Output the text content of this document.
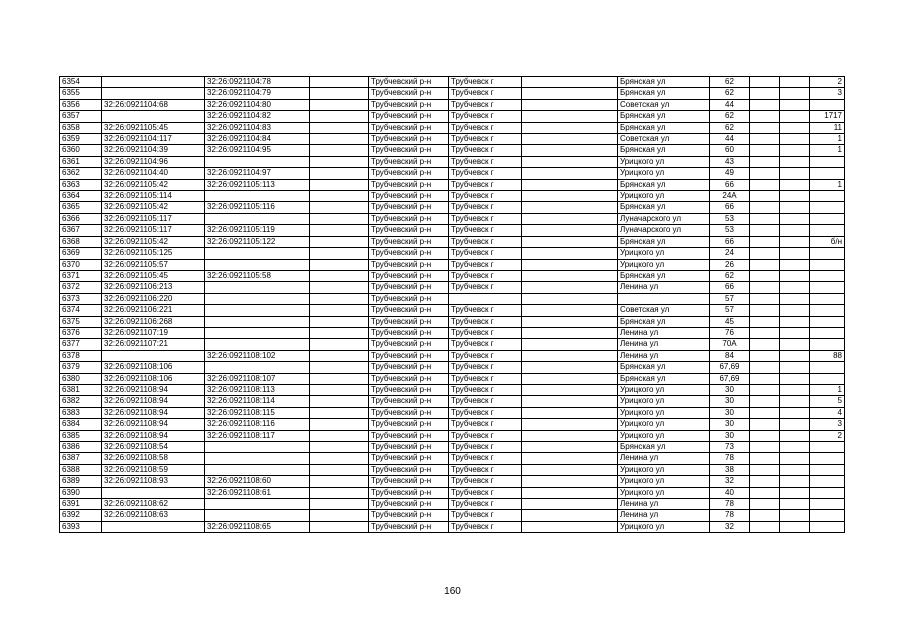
6354		32:26:0921104:78		Трубчевский р-н	Трубчевск г		Брянская ул	62			2
6355		32:26:0921104:79		Трубчевский р-н	Трубчевск г		Брянская ул	62			3
6356	32:26:0921104:68	32:26:0921104:80		Трубчевский р-н	Трубчевск г		Советская ул	44			
6357		32:26:0921104:82		Трубчевский р-н	Трубчевск г		Брянская ул	62			1717
6358	32:26:0921105:45	32:26:0921104:83		Трубчевский р-н	Трубчевск г		Брянская ул	62			11
6359	32:26:0921104:117	32:26:0921104:84		Трубчевский р-н	Трубчевск г		Советская ул	44			1
6360	32:26:0921104:39	32:26:0921104:95		Трубчевский р-н	Трубчевск г		Брянская ул	60			1
6361	32:26:0921104:96			Трубчевский р-н	Трубчевск г		Урицкого ул	43			
6362	32:26:0921104:40	32:26:0921104:97		Трубчевский р-н	Трубчевск г		Урицкого ул	49			
6363	32:26:0921105:42	32:26:0921105:113		Трубчевский р-н	Трубчевск г		Брянская ул	66			1
6364	32:26:0921105:114			Трубчевский р-н	Трубчевск г		Урицкого ул	24А			
6365	32:26:0921105:42	32:26:0921105:116		Трубчевский р-н	Трубчевск г		Брянская ул	66			
6366	32:26:0921105:117			Трубчевский р-н	Трубчевск г		Луначарского ул	53			
6367	32:26:0921105:117	32:26:0921105:119		Трубчевский р-н	Трубчевск г		Луначарского ул	53			
6368	32:26:0921105:42	32:26:0921105:122		Трубчевский р-н	Трубчевск г		Брянская ул	66			б/н
6369	32:26:0921105:125			Трубчевский р-н	Трубчевск г		Урицкого ул	24			
6370	32:26:0921105:57			Трубчевский р-н	Трубчевск г		Урицкого ул	26			
6371	32:26:0921105:45	32:26:0921105:58		Трубчевский р-н	Трубчевск г		Брянская ул	62			
6372	32:26:0921106:213			Трубчевский р-н	Трубчевск г		Ленина ул	66			
6373	32:26:0921106:220			Трубчевский р-н				57			
6374	32:26:0921106:221			Трубчевский р-н	Трубчевск г		Советская ул	57			
6375	32:26:0921106:268			Трубчевский р-н	Трубчевск г		Брянская ул	45			
6376	32:26:0921107:19			Трубчевский р-н	Трубчевск г		Ленина ул	76			
6377	32:26:0921107:21			Трубчевский р-н	Трубчевск г		Ленина ул	70А			
6378		32:26:0921108:102		Трубчевский р-н	Трубчевск г		Ленина ул	84			88
6379	32:26:0921108:106			Трубчевский р-н	Трубчевск г		Брянская ул	67,69			
6380	32:26:0921108:106	32:26:0921108:107		Трубчевский р-н	Трубчевск г		Брянская ул	67,69			
6381	32:26:0921108:94	32:26:0921108:113		Трубчевский р-н	Трубчевск г		Урицкого ул	30			1
6382	32:26:0921108:94	32:26:0921108:114		Трубчевский р-н	Трубчевск г		Урицкого ул	30			5
6383	32:26:0921108:94	32:26:0921108:115		Трубчевский р-н	Трубчевск г		Урицкого ул	30			4
6384	32:26:0921108:94	32:26:0921108:116		Трубчевский р-н	Трубчевск г		Урицкого ул	30			3
6385	32:26:0921108:94	32:26:0921108:117		Трубчевский р-н	Трубчевск г		Урицкого ул	30			2
6386	32:26:0921108:54			Трубчевский р-н	Трубчевск г		Брянская ул	73			
6387	32:26:0921108:58			Трубчевский р-н	Трубчевск г		Ленина ул	78			
6388	32:26:0921108:59			Трубчевский р-н	Трубчевск г		Урицкого ул	38			
6389	32:26:0921108:93	32:26:0921108:60		Трубчевский р-н	Трубчевск г		Урицкого ул	32			
6390		32:26:0921108:61		Трубчевский р-н	Трубчевск г		Урицкого ул	40			
6391	32:26:0921108:62			Трубчевский р-н	Трубчевск г		Ленина ул	78			
6392	32:26:0921108:63			Трубчевский р-н	Трубчевск г		Ленина ул	78			
6393		32:26:0921108:65		Трубчевский р-н	Трубчевск г		Урицкого ул	32			
160
